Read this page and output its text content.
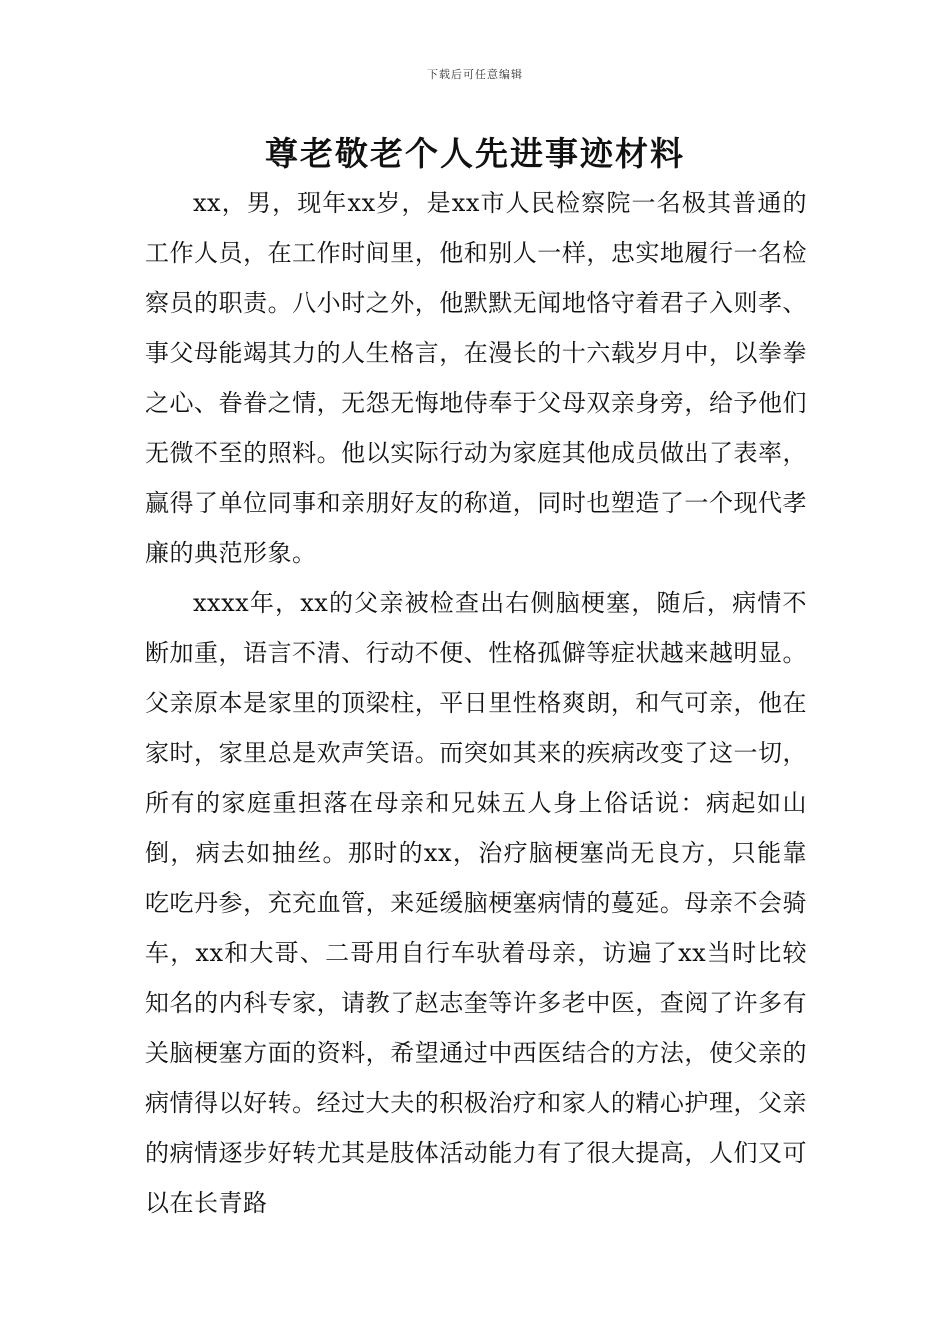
下载后可任意编辑
尊老敬老个人先进事迹材料

xx，男，现年xx岁，是xx市人民检察院一名极其普通的工作人员，在工作时间里，他和别人一样，忠实地履行一名检察员的职责。八小时之外，他默默无闻地恪守着君子入则孝、事父母能竭其力的人生格言，在漫长的十六载岁月中，以拳拳之心、眷眷之情，无怨无悔地侍奉于父母双亲身旁，给予他们无微不至的照料。他以实际行动为家庭其他成员做出了表率，赢得了单位同事和亲朋好友的称道，同时也塑造了一个现代孝廉的典范形象。

xxxx年，xx的父亲被检查出右侧脑梗塞，随后，病情不断加重，语言不清、行动不便、性格孤僻等症状越来越明显。父亲原本是家里的顶梁柱，平日里性格爽朗，和气可亲，他在家时，家里总是欢声笑语。而突如其来的疾病改变了这一切，所有的家庭重担落在母亲和兄妹五人身上俗话说：病起如山倒，病去如抽丝。那时的xx，治疗脑梗塞尚无良方，只能靠吃吃丹参，充充血管，来延缓脑梗塞病情的蔓延。母亲不会骑车，xx和大哥、二哥用自行车驮着母亲，访遍了xx当时比较知名的内科专家，请教了赵志奎等许多老中医，查阅了许多有关脑梗塞方面的资料，希望通过中西医结合的方法，使父亲的病情得以好转。经过大夫的积极治疗和家人的精心护理，父亲的病情逐步好转尤其是肢体活动能力有了很大提高，人们又可以在长青路
